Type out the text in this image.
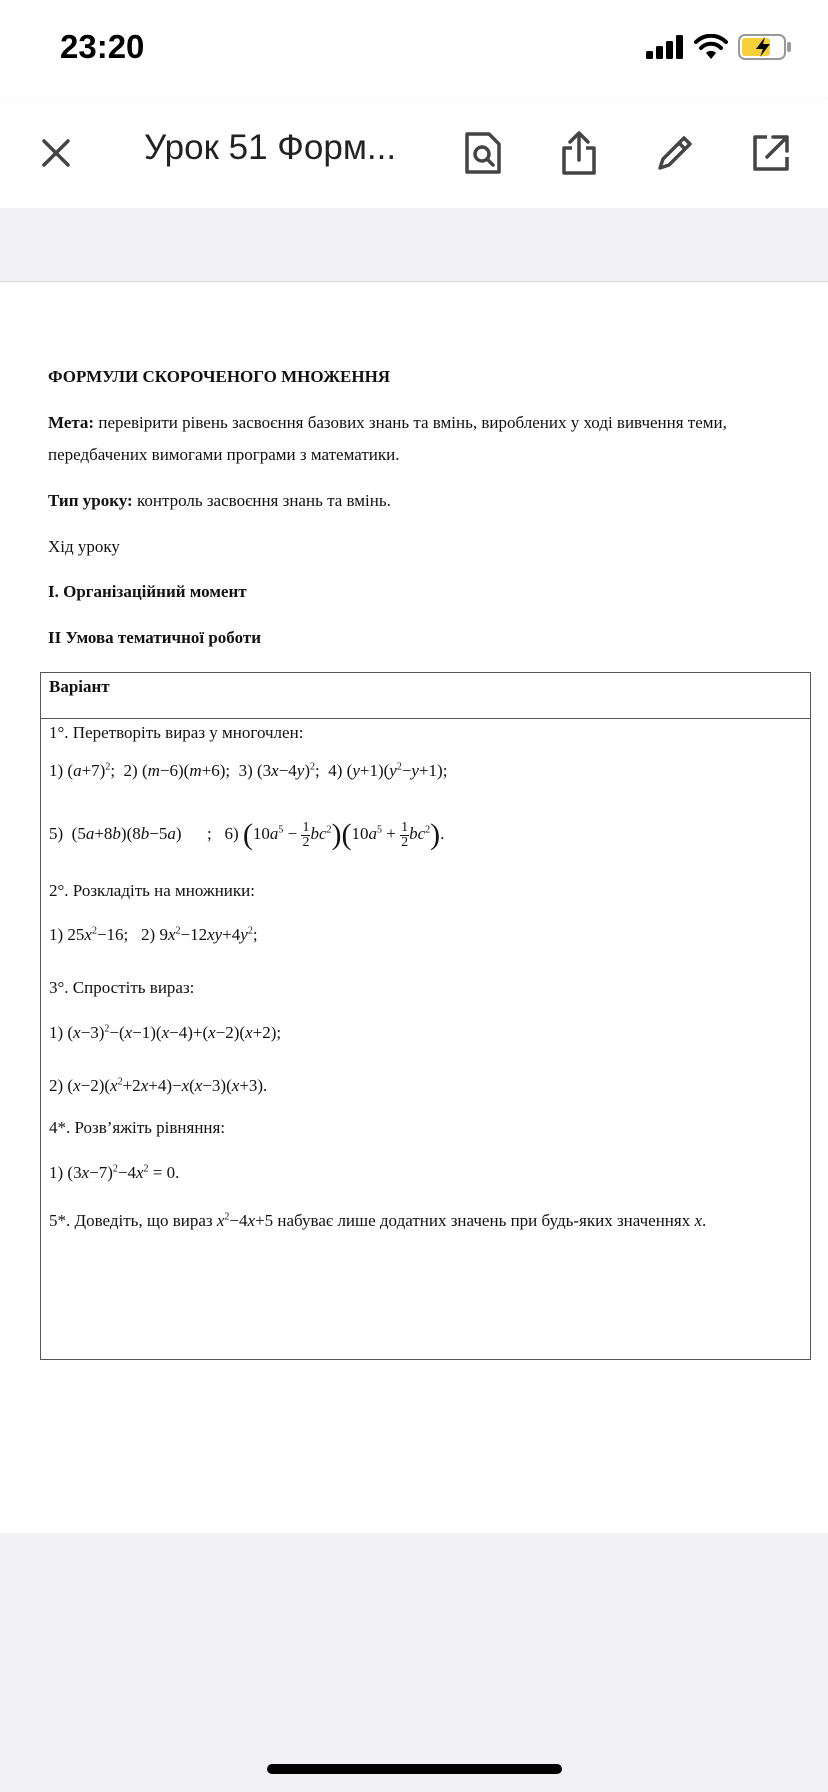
23:20
Урок 51 Форм...
ФОРМУЛИ СКОРОЧЕНОГО МНОЖЕННЯ
Мета: перевірити рівень засвоєння базових знань та вмінь, вироблених у ході вивчення теми,
передбачених вимогами програми з математики.
Тип уроку: контроль засвоєння знань та вмінь.
Хід уроку
І. Організаційний момент
ІІ Умова тематичної роботи
Варіант
1°. Перетворіть вираз у многочлен:
1) $(a+7)^2$;  2) (m−6)(m+6);  3) $(3x-4y)^2$;  4) $(y+1)(y^2-y+1)$;
5)  (5a+8b)(8b−5a)      ;   6) $(10a^5 - \frac{1}{2}bc^2)(10a^5 + \frac{1}{2}bc^2)$.
2°. Розкладіть на множники:
1) $25x^2-16$;   2) $9x^2-12xy+4y^2$;
3°. Спростіть вираз:
1) $(x-3)^2-(x-1)(x-4)+(x-2)(x+2)$;
2) $(x-2)(x^2+2x+4)-x(x-3)(x+3)$.
4*. Розв’яжіть рівняння:
1) $(3x-7)^2-4x^2 = 0$.
5*. Доведіть, що вираз $x^2-4x+5$ набуває лише додатних значень при будь-яких значеннях x.
